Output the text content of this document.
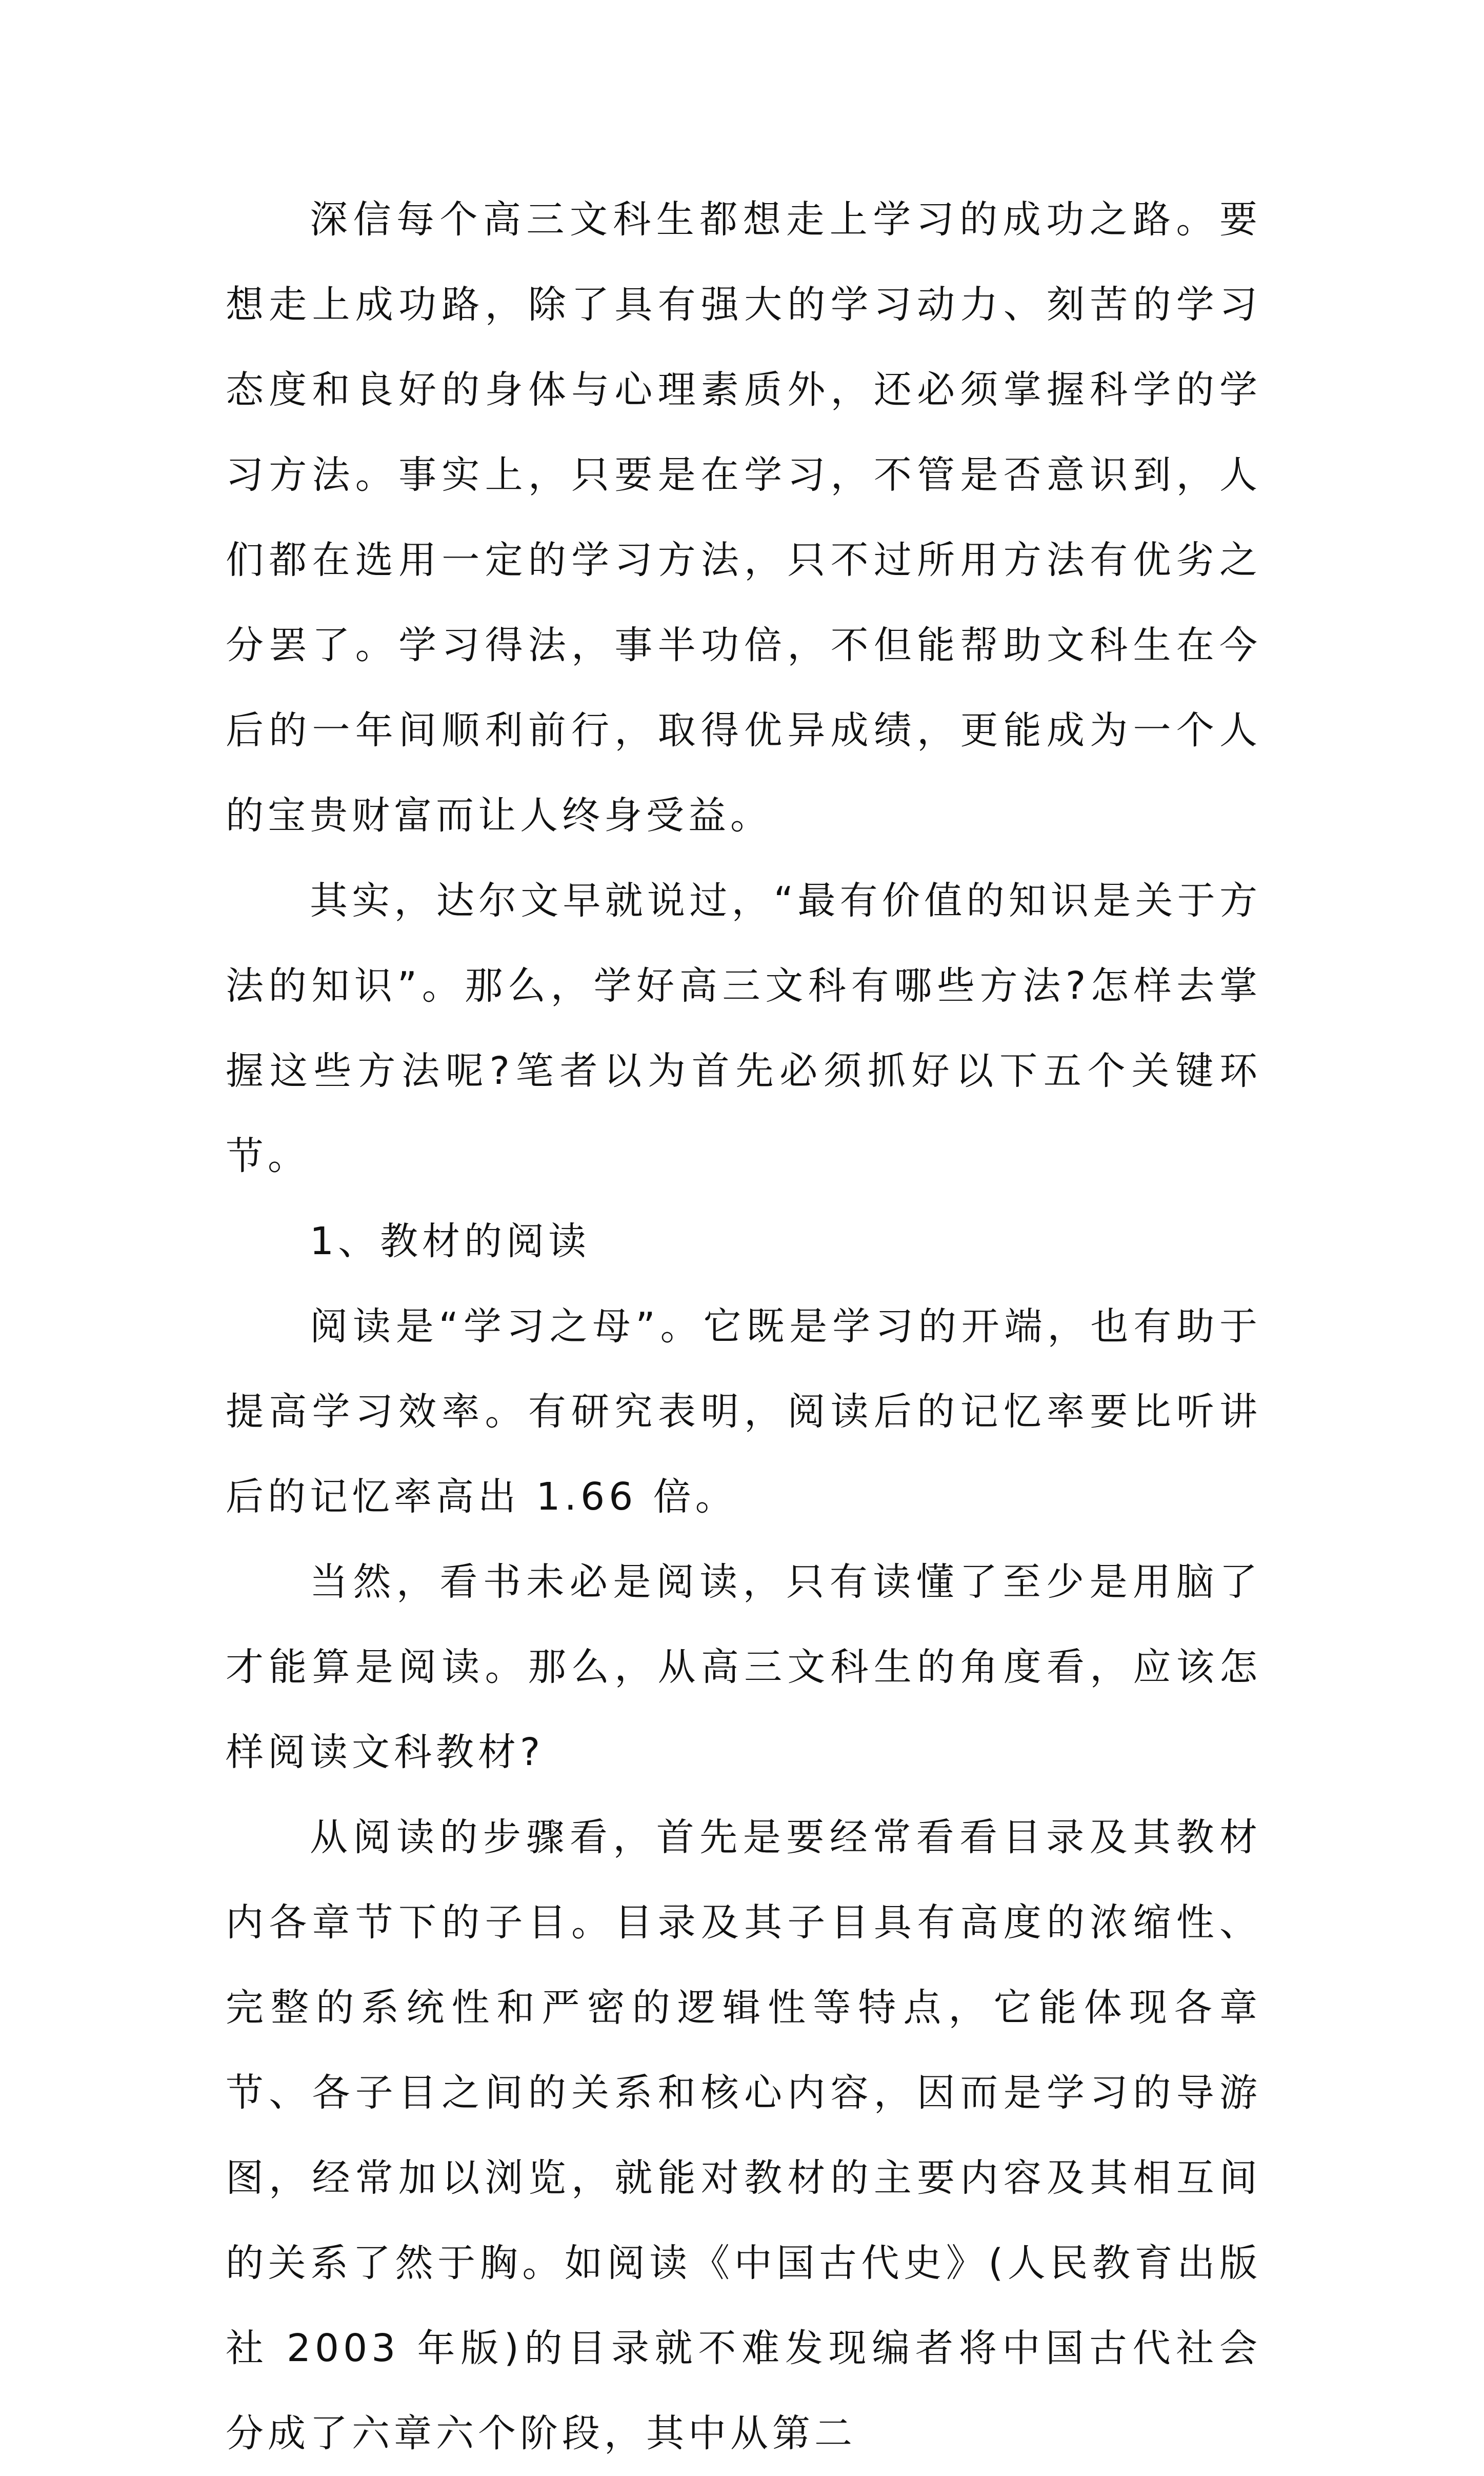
深信每个高三文科生都想走上学习的成功之路。要想走上成功路，除了具有强大的学习动力、刻苦的学习态度和良好的身体与心理素质外，还必须掌握科学的学习方法。事实上，只要是在学习，不管是否意识到，人们都在选用一定的学习方法，只不过所用方法有优劣之分罢了。学习得法，事半功倍，不但能帮助文科生在今后的一年间顺利前行，取得优异成绩，更能成为一个人的宝贵财富而让人终身受益。

其实，达尔文早就说过，“最有价值的知识是关于方法的知识”。那么，学好高三文科有哪些方法?怎样去掌握这些方法呢?笔者以为首先必须抓好以下五个关键环节。

1、教材的阅读

阅读是“学习之母”。它既是学习的开端，也有助于提高学习效率。有研究表明，阅读后的记忆率要比听讲后的记忆率高出 1.66 倍。

当然，看书未必是阅读，只有读懂了至少是用脑了才能算是阅读。那么，从高三文科生的角度看，应该怎样阅读文科教材?

从阅读的步骤看，首先是要经常看看目录及其教材内各章节下的子目。目录及其子目具有高度的浓缩性、完整的系统性和严密的逻辑性等特点，它能体现各章节、各子目之间的关系和核心内容，因而是学习的导游图，经常加以浏览，就能对教材的主要内容及其相互间的关系了然于胸。如阅读《中国古代史》(人民教育出版社 2003 年版)的目录就不难发现编者将中国古代社会分成了六章六个阶段，其中从第二
